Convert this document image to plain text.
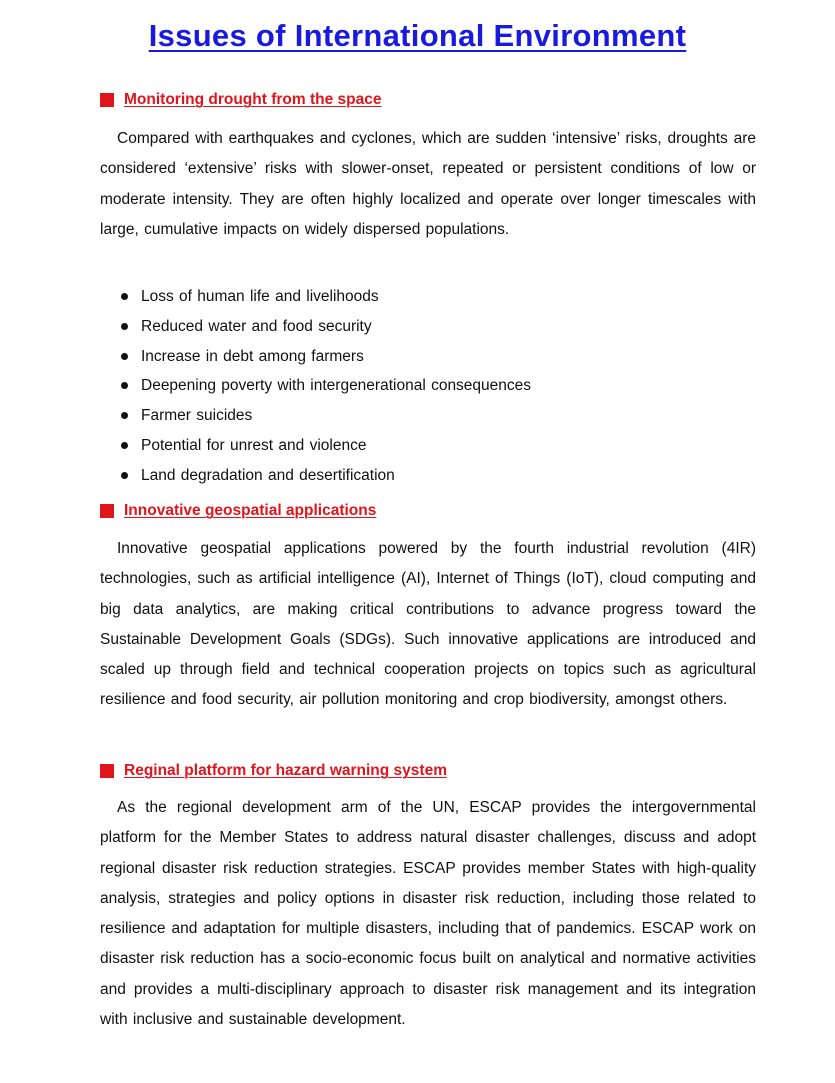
Issues of International Environment
Monitoring drought from the space

Compared with earthquakes and cyclones, which are sudden ‘intensive’ risks, droughts are considered ‘extensive’ risks with slower-onset, repeated or persistent conditions of low or moderate intensity. They are often highly localized and operate over longer timescales with large, cumulative impacts on widely dispersed populations.

Loss of human life and livelihoods
Reduced water and food security
Increase in debt among farmers
Deepening poverty with intergenerational consequences
Farmer suicides
Potential for unrest and violence
Land degradation and desertification
Innovative geospatial applications

Innovative geospatial applications powered by the fourth industrial revolution (4IR) technologies, such as artificial intelligence (AI), Internet of Things (IoT), cloud computing and big data analytics, are making critical contributions to advance progress toward the Sustainable Development Goals (SDGs). Such innovative applications are introduced and scaled up through field and technical cooperation projects on topics such as agricultural resilience and food security, air pollution monitoring and crop biodiversity, amongst others.

Reginal platform for hazard warning system

As the regional development arm of the UN, ESCAP provides the intergovernmental platform for the Member States to address natural disaster challenges, discuss and adopt regional disaster risk reduction strategies. ESCAP provides member States with high-quality analysis, strategies and policy options in disaster risk reduction, including those related to resilience and adaptation for multiple disasters, including that of pandemics. ESCAP work on disaster risk reduction has a socio-economic focus built on analytical and normative activities and provides a multi-disciplinary approach to disaster risk management and its integration with inclusive and sustainable development.
